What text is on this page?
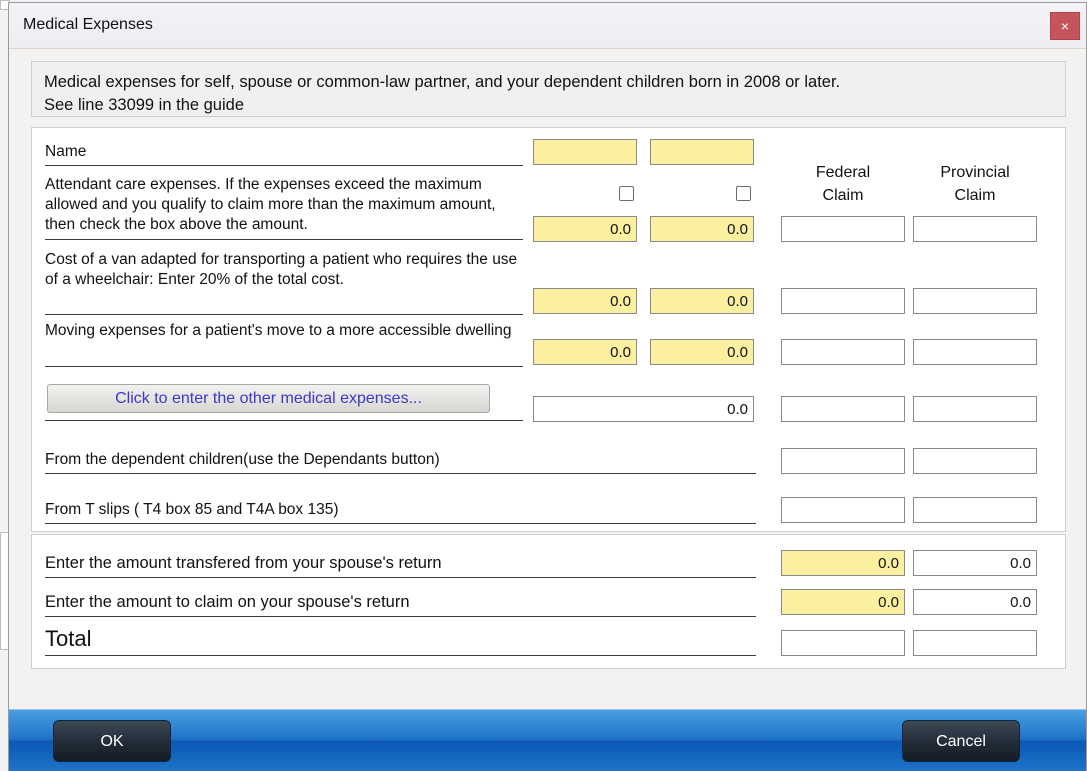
Medical Expenses	×

Medical expenses for self, spouse or common-law partner, and your dependent children born in 2008 or later.

See line 33099 in the guide

Federal
Claim
Provincial
Claim
Name
Attendant care expenses. If the expenses exceed the maximum allowed and you qualify to claim more than the maximum amount, then check the box above the amount.
0.0
0.0
Cost of a van adapted for transporting a patient who requires the use of a wheelchair: Enter 20% of the total cost.
0.0
0.0
Moving expenses for a patient's move to a more accessible dwelling
0.0
0.0
Click to enter the other medical expenses...
0.0
From the dependent children(use the Dependants button)
From T slips ( T4 box 85 and T4A box 135)
Enter the amount transfered from your spouse's return
0.0
0.0
Enter the amount to claim on your spouse's return
0.0
0.0
Total
OK	Cancel
